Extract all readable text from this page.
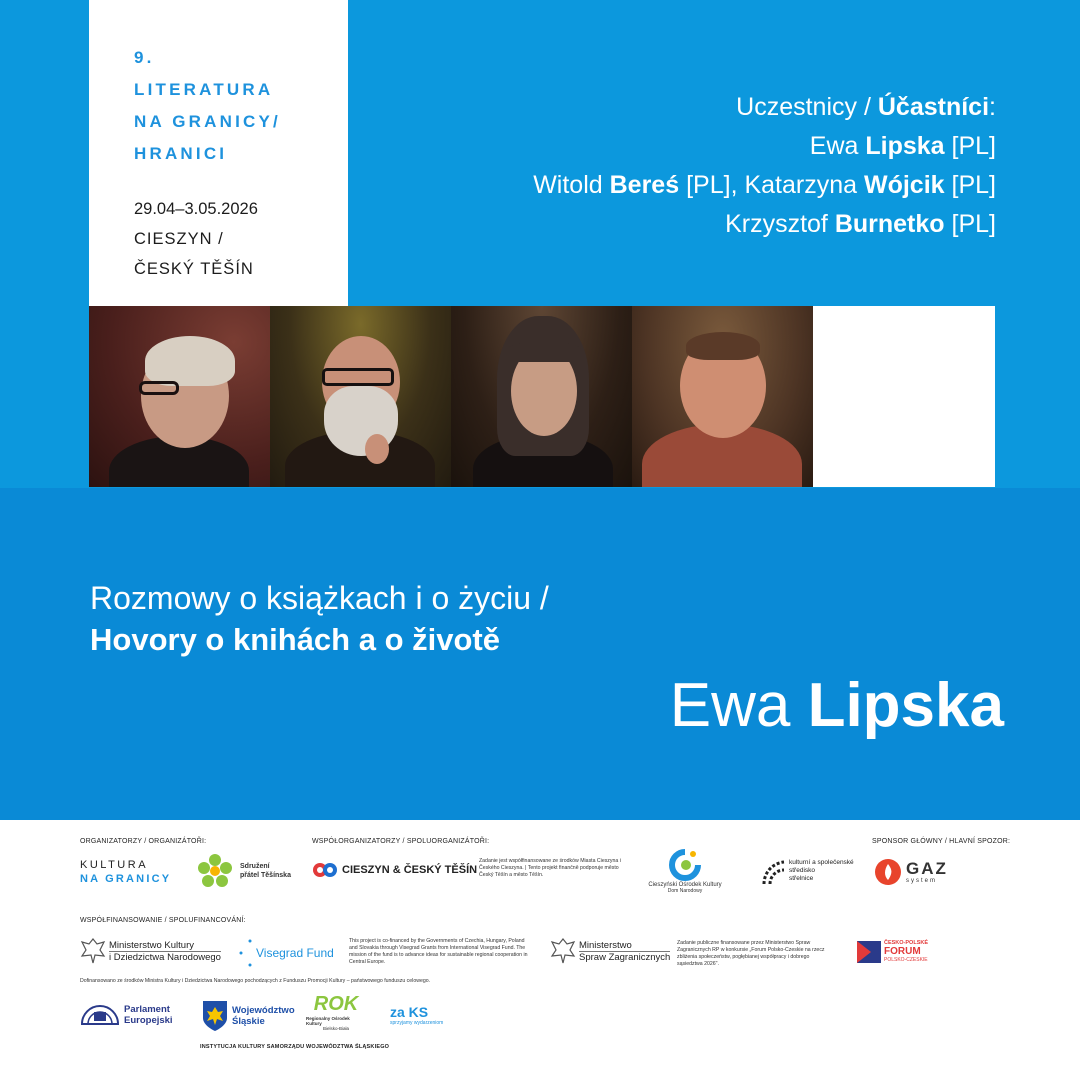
9.
LITERATURA
NA GRANICY/
HRANICI
29.04–3.05.2026
CIESZYN /
ČESKÝ TĚŠÍN
Uczestnicy / Účastníci:
Ewa Lipska [PL]
Witold Bereś [PL], Katarzyna Wójcik [PL]
Krzysztof Burnetko [PL]
Rozmowy o książkach i o życiu /
Hovory o knihách a o životě
Ewa Lipska
ORGANIZATORZY / ORGANIZÁTOŘI:	WSPÓŁORGANIZATORZY / SPOLUORGANIZÁTOŘI:	SPONSOR GŁÓWNY / HLAVNÍ SPOZOR:
KULTURA
NA GRANICY
Sdružení
přátel Těšínska	CIESZYN & ČESKÝ TĚŠÍN
Zadanie jest współfinansowane ze środków Miasta Cieszyna i Českého Cieszyna. | Tento projekt finančně podporuje město Český Těšín a město Těšín.
Cieszyński Ośrodek Kultury
Dom Narodowy
kulturní a společenské
středisko
střelnice
GAZ
system
WSPÓŁFINANSOWANIE / SPOLUFINANCOVÁNÍ:
Ministerstwo Kultury
i Dziedzictwa Narodowego	Visegrad Fund
This project is co-financed by the Governments of Czechia, Hungary, Poland and Slovakia through Visegrad Grants from International Visegrad Fund. The mission of the fund is to advance ideas for sustainable regional cooperation in Central Europe.
Ministerstwo
Spraw Zagranicznych
Zadanie publiczne finansowane przez Ministerstwo Spraw Zagranicznych RP w konkursie „Forum Polsko-Czeskie na rzecz zbliżenia społeczeństw, pogłębianej współpracy i dobrego sąsiedztwa 2026".
ČESKO-POLSKÉ
FORUM
POLSKO-CZESKIE
Dofinansowano ze środków Ministra Kultury i Dziedzictwa Narodowego pochodzących z Funduszu Promocji Kultury – państwowego funduszu celowego.
Parlament
Europejski
Województwo
Śląskie
ROK
Regionalny Ośrodek Kultury
Bielsko-Biała
za KS
sprzyjamy wydarzeniom
INSTYTUCJA KULTURY SAMORZĄDU WOJEWÓDZTWA ŚLĄSKIEGO
